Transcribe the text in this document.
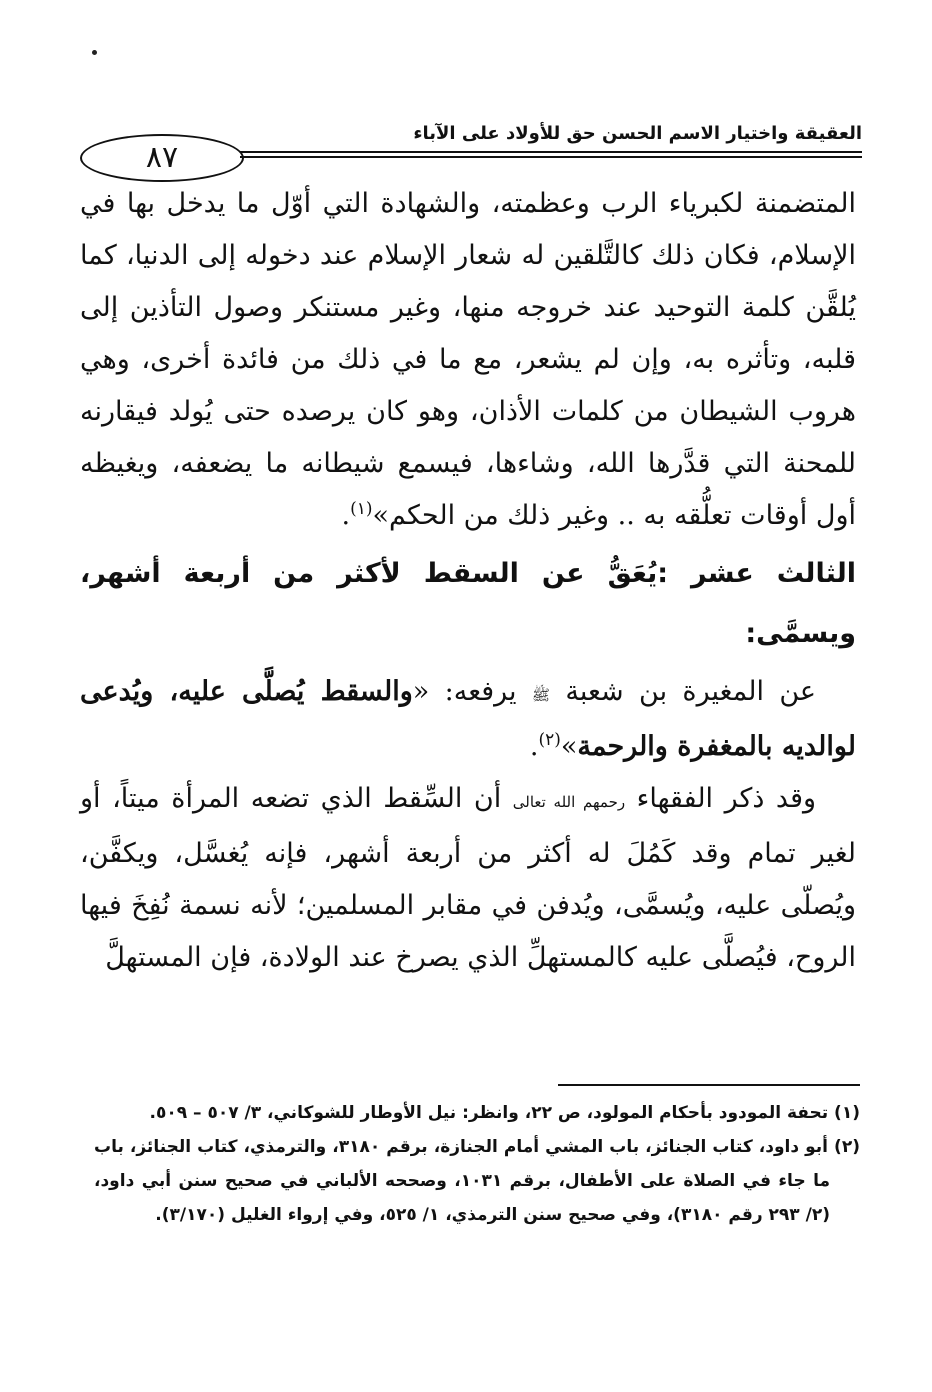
٨٧
العقيقة واختيار الاسم الحسن حق للأولاد على الآباء

المتضمنة لكبرياء الرب وعظمته، والشهادة التي أوّل ما يدخل بها في الإسلام، فكان ذلك كالتَّلقين له شعار الإسلام عند دخوله إلى الدنيا، كما يُلقَّن كلمة التوحيد عند خروجه منها، وغير مستنكر وصول التأذين إلى قلبه، وتأثره به، وإن لم يشعر، مع ما في ذلك من فائدة أخرى، وهي هروب الشيطان من كلمات الأذان، وهو كان يرصده حتى يُولد فيقارنه للمحنة التي قدَّرها الله، وشاءها، فيسمع شيطانه ما يضعفه، ويغيظه أول أوقات تعلُّقه به .. وغير ذلك من الحكم»$^{(١)}$.

الثالث عشر :يُعَقُّ عن السقط لأكثر من أربعة أشهر، ويسمَّى:

عن المغيرة بن شعبة ﷺ يرفعه: «والسقط يُصلَّى عليه، ويُدعى لوالديه بالمغفرة والرحمة»$^{(٢)}$.

وقد ذكر الفقهاء رحمهم الله تعالى أن السِّقط الذي تضعه المرأة ميتاً، أو لغير تمام وقد كَمُلَ له أكثر من أربعة أشهر، فإنه يُغسَّل، ويكفَّن، ويُصلّى عليه، ويُسمَّى، ويُدفن في مقابر المسلمين؛ لأنه نسمة نُفِخَ فيها الروح، فيُصلَّى عليه كالمستهلِّ الذي يصرخ عند الولادة، فإن المستهلَّ

(١) تحفة المودود بأحكام المولود، ص ٢٢، وانظر: نيل الأوطار للشوكاني، ٣/ ٥٠٧ – ٥٠٩.

(٢) أبو داود، كتاب الجنائز، باب المشي أمام الجنازة، برقم ٣١٨٠، والترمذي، كتاب الجنائز، باب ما جاء في الصلاة على الأطفال، برقم ١٠٣١، وصححه الألباني في صحيح سنن أبي داود، (٢/ ٢٩٣ رقم ٣١٨٠)، وفي صحيح سنن الترمذي، ١/ ٥٢٥، وفي إرواء الغليل (٣/١٧٠).
